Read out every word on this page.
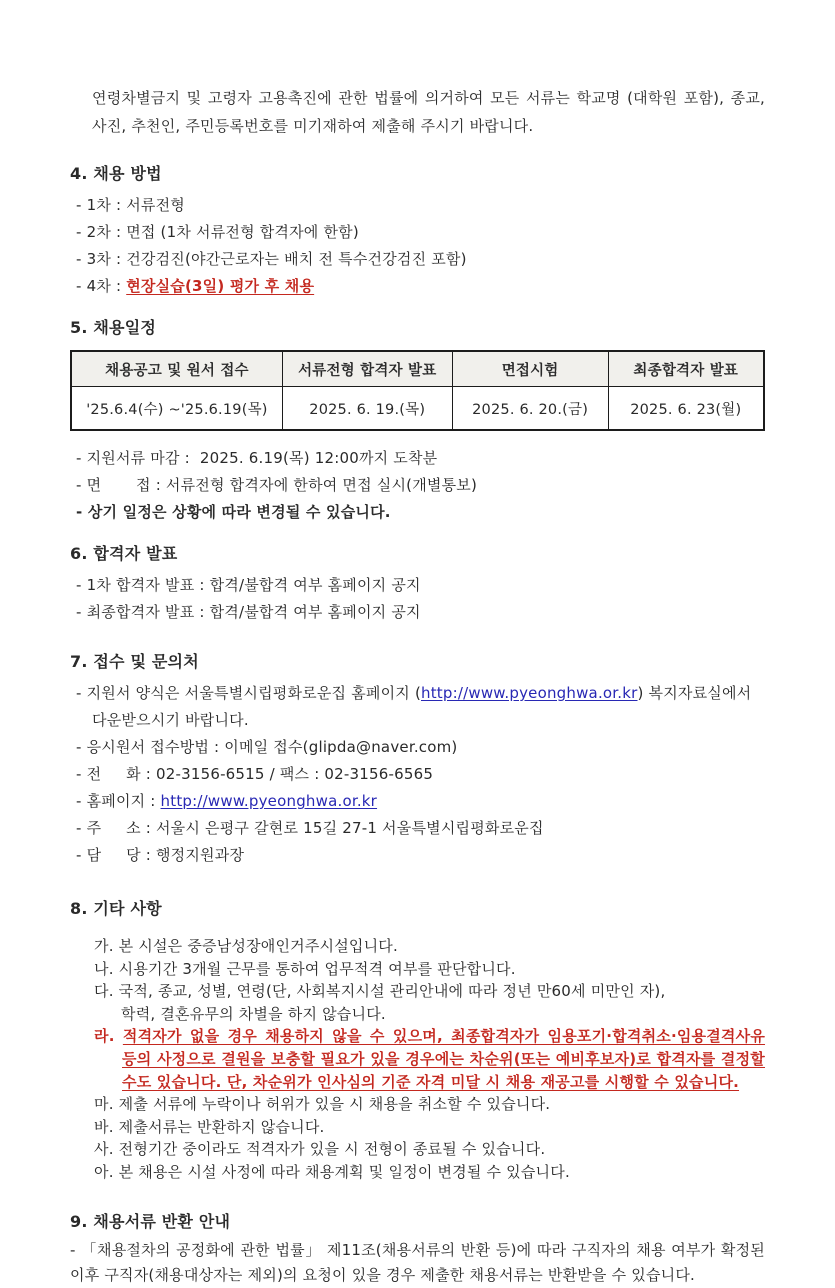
연령차별금지 및 고령자 고용촉진에 관한 법률에 의거하여 모든 서류는 학교명 (대학원 포함), 종교, 사진, 추천인, 주민등록번호를 미기재하여 제출해 주시기 바랍니다.

4. 채용 방법
- 1차 : 서류전형
- 2차 : 면접 (1차 서류전형 합격자에 한함)
- 3차 : 건강검진(야간근로자는 배치 전 특수건강검진 포함)
- 4차 : 현장실습(3일) 평가 후 채용
5. 채용일정
채용공고 및 원서 접수	서류전형 합격자 발표	면접시험	최종합격자 발표
'25.6.4(수) ~'25.6.19(목)	2025. 6. 19.(목)	2025. 6. 20.(금)	2025. 6. 23(월)
- 지원서류 마감 :  2025. 6.19(목) 12:00까지 도착분
- 면       접 : 서류전형 합격자에 한하여 면접 실시(개별통보)
- 상기 일정은 상황에 따라 변경될 수 있습니다.
6. 합격자 발표
- 1차 합격자 발표 : 합격/불합격 여부 홈페이지 공지
- 최종합격자 발표 : 합격/불합격 여부 홈페이지 공지
7. 접수 및 문의처
- 지원서 양식은 서울특별시립평화로운집 홈페이지 (http://www.pyeonghwa.or.kr) 복지자료실에서
다운받으시기 바랍니다.
- 응시원서 접수방법 : 이메일 접수(glipda@naver.com)
- 전     화 : 02-3156-6515 / 팩스 : 02-3156-6565
- 홈페이지 : http://www.pyeonghwa.or.kr
- 주     소 : 서울시 은평구 갈현로 15길 27-1 서울특별시립평화로운집
- 담     당 : 행정지원과장
8. 기타 사항
가. 본 시설은 중증남성장애인거주시설입니다.
나. 시용기간 3개월 근무를 통하여 업무적격 여부를 판단합니다.
다. 국적, 종교, 성별, 연령(단, 사회복지시설 관리안내에 따라 정년 만60세 미만인 자),
학력, 결혼유무의 차별을 하지 않습니다.
라. 적격자가 없을 경우 채용하지 않을 수 있으며, 최종합격자가 임용포기·합격취소·임용결격사유 등의 사정으로 결원을 보충할 필요가 있을 경우에는 차순위(또는 예비후보자)로 합격자를 결정할 수도 있습니다. 단, 차순위가 인사심의 기준 자격 미달 시 채용 재공고를 시행할 수 있습니다.
마. 제출 서류에 누락이나 허위가 있을 시 채용을 취소할 수 있습니다.
바. 제출서류는 반환하지 않습니다.
사. 전형기간 중이라도 적격자가 있을 시 전형이 종료될 수 있습니다.
아. 본 채용은 시설 사정에 따라 채용계획 및 일정이 변경될 수 있습니다.
9. 채용서류 반환 안내

- 「채용절차의 공정화에 관한 법률」 제11조(채용서류의 반환 등)에 따라 구직자의 채용 여부가 확정된 이후 구직자(채용대상자는 제외)의 요청이 있을 경우 제출한 채용서류는 반환받을 수 있습니다.
